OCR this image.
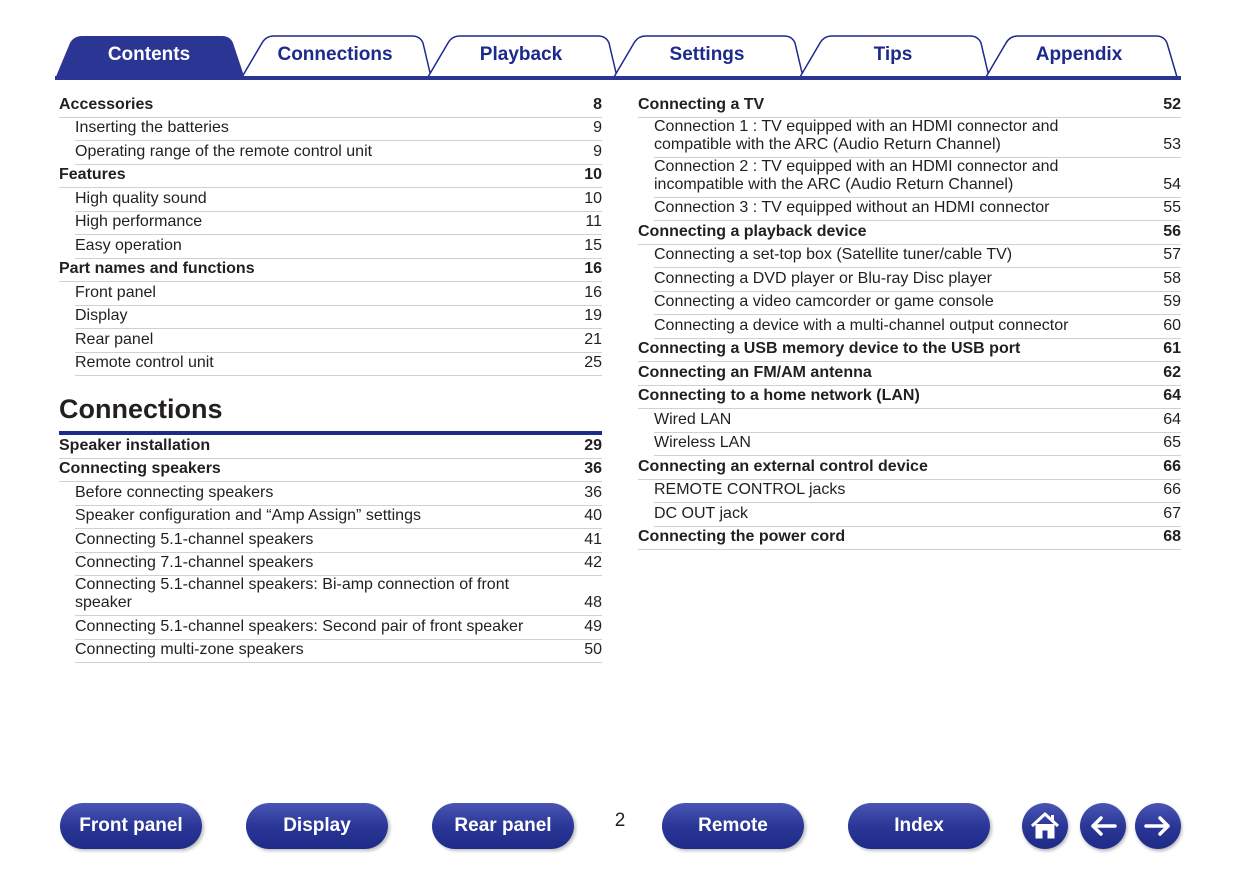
Contents	Connections	Playback	Settings	Tips	Appendix
Accessories	8
Inserting the batteries	9
Operating range of the remote control unit	9
Features	10
High quality sound	10
High performance	11
Easy operation	15
Part names and functions	16
Front panel	16
Display	19
Rear panel	21
Remote control unit	25
Connections
Speaker installation	29
Connecting speakers	36
Before connecting speakers	36
Speaker configuration and “Amp Assign” settings	40
Connecting 5.1-channel speakers	41
Connecting 7.1-channel speakers	42
Connecting 5.1-channel speakers: Bi-amp connection of front
speaker	48
Connecting 5.1-channel speakers: Second pair of front speaker	49
Connecting multi-zone speakers	50
Connecting a TV	52
Connection 1 : TV equipped with an HDMI connector and
compatible with the ARC (Audio Return Channel)	53
Connection 2 : TV equipped with an HDMI connector and
incompatible with the ARC (Audio Return Channel)	54
Connection 3 : TV equipped without an HDMI connector	55
Connecting a playback device	56
Connecting a set-top box (Satellite tuner/cable TV)	57
Connecting a DVD player or Blu-ray Disc player	58
Connecting a video camcorder or game console	59
Connecting a device with a multi-channel output connector	60
Connecting a USB memory device to the USB port	61
Connecting an FM/AM antenna	62
Connecting to a home network (LAN)	64
Wired LAN	64
Wireless LAN	65
Connecting an external control device	66
REMOTE CONTROL jacks	66
DC OUT jack	67
Connecting the power cord	68
Front panel	Display	Rear panel	2	Remote	Index
